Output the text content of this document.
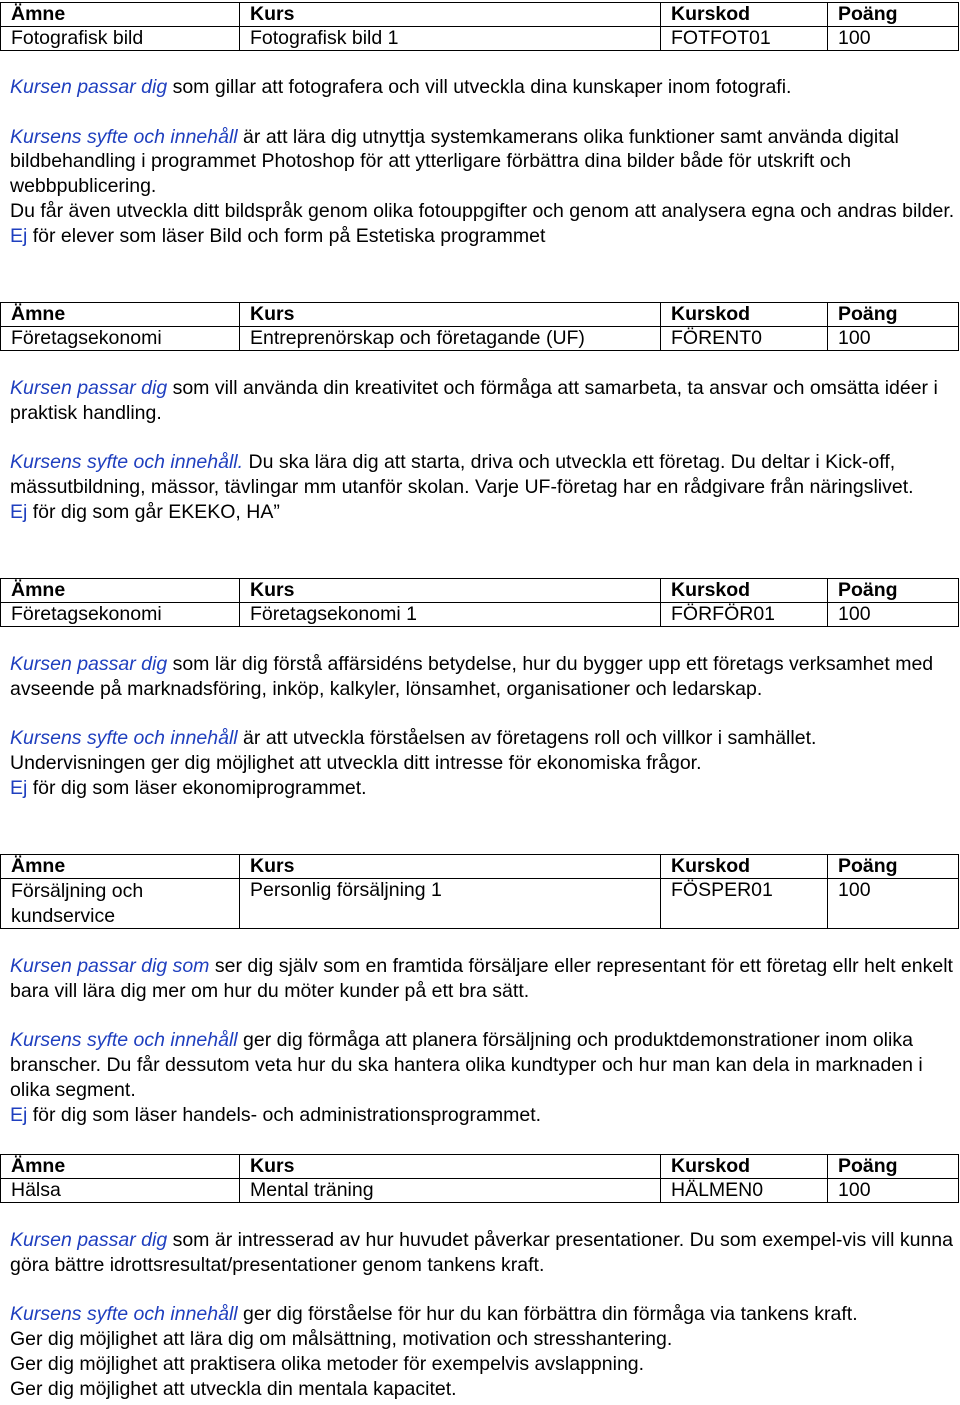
Ämne	Kurs	Kurskod	Poäng
Fotografisk bild	Fotografisk bild 1	FOTFOT01	100

Kursen passar dig som gillar att fotografera och vill utveckla dina kunskaper inom fotografi.

Kursens syfte och innehåll är att lära dig utnyttja systemkamerans olika funktioner samt använda digital bildbehandling i programmet Photoshop för att ytterligare förbättra dina bilder både för utskrift och webbpublicering.

Du får även utveckla ditt bildspråk genom olika fotouppgifter och genom att analysera egna och andras bilder.

Ej för elever som läser Bild och form på Estetiska programmet

Ämne	Kurs	Kurskod	Poäng
Företagsekonomi	Entreprenörskap och företagande (UF)	FÖRENT0	100

Kursen passar dig som vill använda din kreativitet och förmåga att samarbeta, ta ansvar och omsätta idéer i praktisk handling.

Kursens syfte och innehåll. Du ska lära dig att starta, driva och utveckla ett företag. Du deltar i Kick-off, mässutbildning, mässor, tävlingar mm utanför skolan. Varje UF-företag har en rådgivare från näringslivet.

Ej för dig som går EKEKO, HA”

Ämne	Kurs	Kurskod	Poäng
Företagsekonomi	Företagsekonomi 1	FÖRFÖR01	100

Kursen passar dig som lär dig förstå affärsidéns betydelse, hur du bygger upp ett företags verksamhet med avseende på marknadsföring, inköp, kalkyler, lönsamhet, organisationer och ledarskap.

Kursens syfte och innehåll är att utveckla förståelsen av företagens roll och villkor i samhället.

Undervisningen ger dig möjlighet att utveckla ditt intresse för ekonomiska frågor.

Ej för dig som läser ekonomiprogrammet.

Ämne	Kurs	Kurskod	Poäng
Försäljning och kundservice	Personlig försäljning 1	FÖSPER01	100

Kursen passar dig som ser dig själv som en framtida försäljare eller representant för ett företag ellr helt enkelt bara vill lära dig mer om hur du möter kunder på ett bra sätt.

Kursens syfte och innehåll ger dig förmåga att planera försäljning och produktdemonstrationer inom olika branscher. Du får dessutom veta hur du ska hantera olika kundtyper och hur man kan dela in marknaden i olika segment.

Ej för dig som läser handels- och administrationsprogrammet.

Ämne	Kurs	Kurskod	Poäng
Hälsa	Mental träning	HÄLMEN0	100

Kursen passar dig som är intresserad av hur huvudet påverkar presentationer. Du som exempel-vis vill kunna göra bättre idrottsresultat/presentationer genom tankens kraft.

Kursens syfte och innehåll ger dig förståelse för hur du kan förbättra din förmåga via tankens kraft.

Ger dig möjlighet att lära dig om målsättning, motivation och stresshantering.

Ger dig möjlighet att praktisera olika metoder för exempelvis avslappning.

Ger dig möjlighet att utveckla din mentala kapacitet.
